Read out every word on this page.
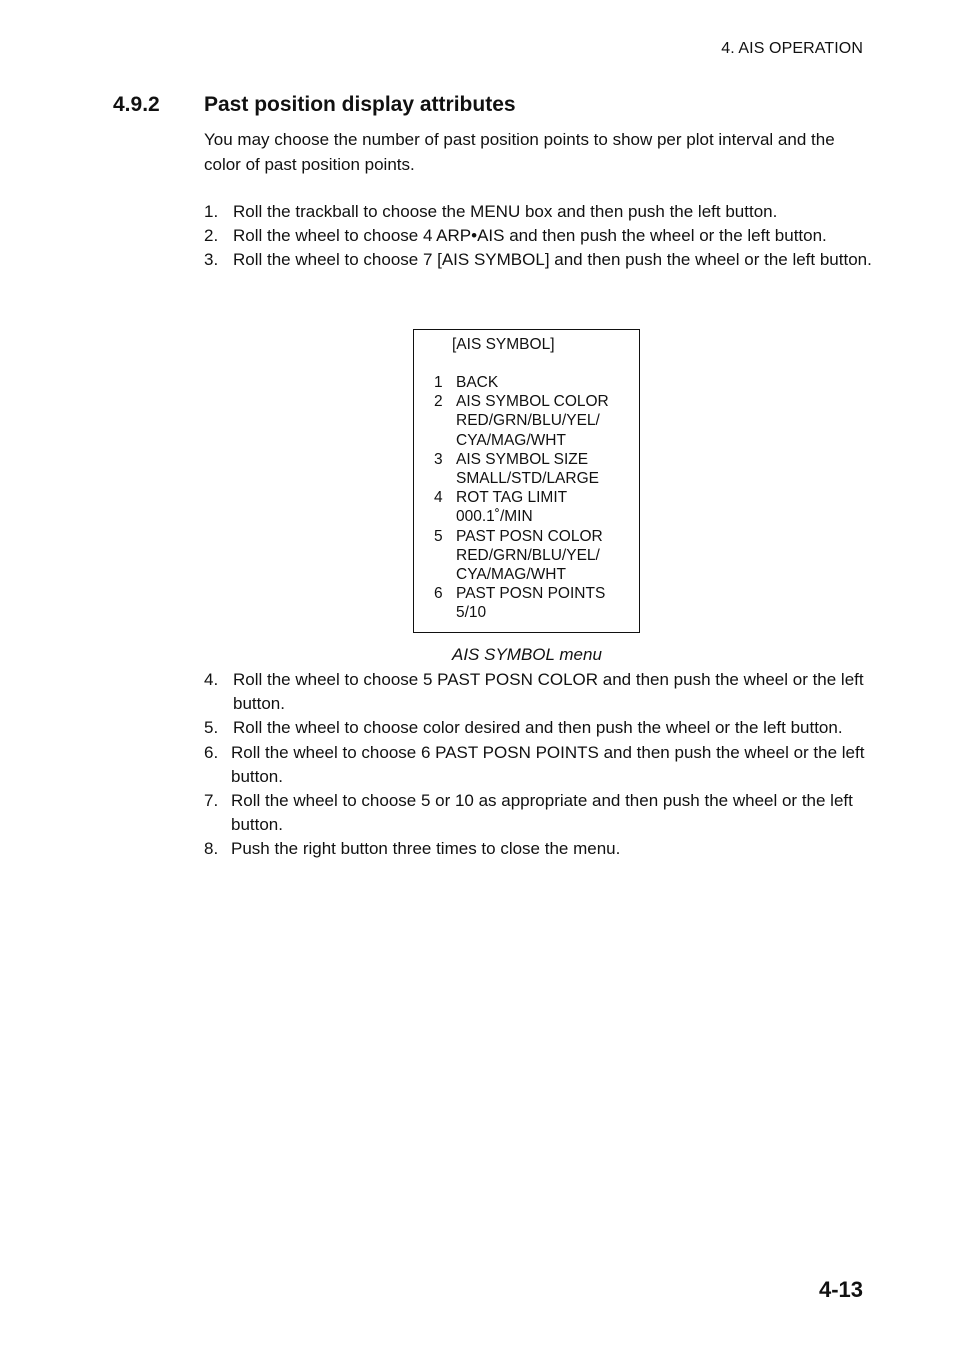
4. AIS OPERATION
4.9.2	Past position display attributes

You may choose the number of past position points to show per plot interval and the color of past position points.

1. Roll the trackball to choose the MENU box and then push the left button.
2. Roll the wheel to choose 4 ARP•AIS and then push the wheel or the left button.
3. Roll the wheel to choose 7 [AIS SYMBOL] and then push the wheel or the left button.
[AIS SYMBOL]
1 BACK
2 AIS SYMBOL COLOR
RED/GRN/BLU/YEL/
CYA/MAG/WHT
3 AIS SYMBOL SIZE
SMALL/STD/LARGE
4 ROT TAG LIMIT
000.1˚/MIN
5 PAST POSN COLOR
RED/GRN/BLU/YEL/
CYA/MAG/WHT
6 PAST POSN POINTS
5/10
AIS SYMBOL menu
4. Roll the wheel to choose 5 PAST POSN COLOR and then push the wheel or the left button.
5. Roll the wheel to choose color desired and then push the wheel or the left button.
6. Roll the wheel to choose 6 PAST POSN POINTS and then push the wheel or the left button.
7. Roll the wheel to choose 5 or 10 as appropriate and then push the wheel or the left button.
8. Push the right button three times to close the menu.
4-13
